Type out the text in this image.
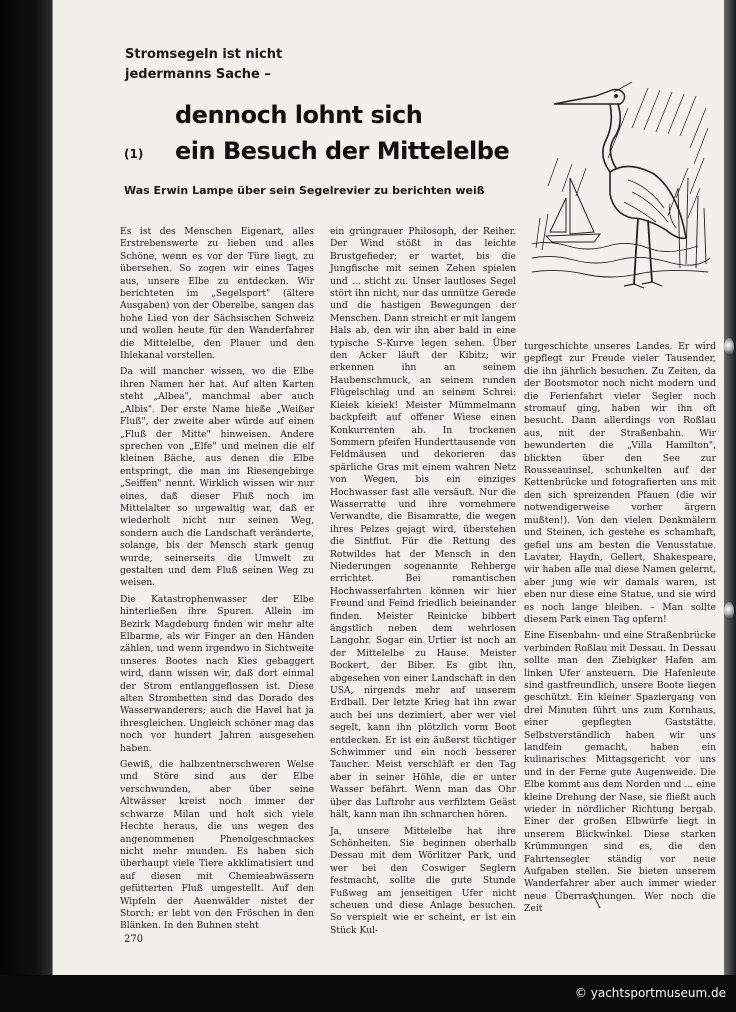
Stromsegeln ist nicht
jedermanns Sache –
dennoch lohnt sich
ein Besuch der Mittelelbe
(1)
Was Erwin Lampe über sein Segelrevier zu berichten weiß

Es ist des Menschen Eigenart, alles Erstrebenswerte zu lieben und alles Schöne, wenn es vor der Türe liegt, zu übersehen. So zogen wir eines Tages aus, unsere Elbe zu entdecken. Wir berichteten im „Segelsport" (ältere Ausgaben) von der Oberelbe, sangen das hohe Lied von der Sächsischen Schweiz und wollen heute für den Wanderfahrer die Mittelelbe, den Plauer und den Ihlekanal vorstellen.

Da will mancher wissen, wo die Elbe ihren Namen her hat. Auf alten Karten steht „Albea", manchmal aber auch „Albis". Der erste Name hieße „Weißer Fluß", der zweite aber würde auf einen „Fluß der Mitte" hinweisen. Andere sprechen von „Elfe" und meinen die elf kleinen Bäche, aus denen die Elbe entspringt, die man im Riesengebirge „Seiffen" nennt. Wirklich wissen wir nur eines, daß dieser Fluß noch im Mittelalter so urgewaltig war, daß er wiederholt nicht nur seinen Weg, sondern auch die Landschaft veränderte, solange, bis der Mensch stark genug wurde, seinerseits die Umwelt zu gestalten und dem Fluß seinen Weg zu weisen.

Die Katastrophenwasser der Elbe hinterließen ihre Spuren. Allein im Bezirk Magdeburg finden wir mehr alte Elbarme, als wir Finger an den Händen zählen, und wenn irgendwo in Sichtweite unseres Bootes nach Kies gebaggert wird, dann wissen wir, daß dort einmal der Strom entlanggeflossen ist. Diese alten Strombetten sind das Dorado des Wasserwanderers; auch die Havel hat ja ihresgleichen. Ungleich schöner mag das noch vor hundert Jahren ausgesehen haben.

Gewiß, die halbzentnerschweren Welse und Störe sind aus der Elbe verschwunden, aber über seine Altwässer kreist noch immer der schwarze Milan und holt sich viele Hechte heraus, die uns wegen des angenommenen Phenolgeschmackes nicht mehr munden. Es haben sich überhaupt viele Tiere akklimatisiert und auf diesen mit Chemieabwässern gefütterten Fluß umgestellt. Auf den Wipfeln der Auenwälder nistet der Storch; er lebt von den Fröschen in den Blänken. In den Buhnen steht

ein grüngrauer Philosoph, der Reiher. Der Wind stößt in das leichte Brustgefieder; er wartet, bis die Jungfische mit seinen Zehen spielen und ... sticht zu. Unser lautloses Segel stört ihn nicht, nur das unnütze Gerede und die hastigen Bewegungen der Menschen. Dann streicht er mit langem Hals ab, den wir ihn aber bald in eine typische S-Kurve legen sehen. Über den Acker läuft der Kibitz; wir erkennen ihn an seinem Haubenschmuck, an seinem runden Flügelschlag und an seinem Schrei: Kieiek kieiek! Meister Mümmelmann backpfeift auf offener Wiese einen Konkurrenten ab. In trockenen Sommern pfeifen Hunderttausende von Feldmäusen und dekorieren das spärliche Gras mit einem wahren Netz von Wegen, bis ein einziges Hochwasser fast alle versäuft. Nur die Wasserratte und ihre vornehmere Verwandte, die Bisamratte, die wegen ihres Pelzes gejagt wird, überstehen die Sintflut. Für die Rettung des Rotwildes hat der Mensch in den Niederungen sogenannte Rehberge errichtet. Bei romantischen Hochwasserfahrten können wir hier Freund und Feind friedlich beieinander finden. Meister Reinicke bibbert ängstlich neben dem wehrlosen Langohr. Sogar ein Urtier ist noch an der Mittelelbe zu Hause. Meister Bockert, der Biber. Es gibt ihn, abgesehen von einer Landschaft in den USA, nirgends mehr auf unserem Erdball. Der letzte Krieg hat ihn zwar auch bei uns dezimiert, aber wer viel segelt, kann ihn plötzlich vorm Boot entdecken. Er ist ein äußerst tüchtiger Schwimmer und ein noch besserer Taucher. Meist verschläft er den Tag aber in seiner Höhle, die er unter Wasser befährt. Wenn man das Ohr über das Luftrohr aus verfilztem Geäst hält, kann man ihn schnarchen hören.

Ja, unsere Mittelelbe hat ihre Schönheiten. Sie beginnen oberhalb Dessau mit dem Wörlitzer Park, und wer bei den Coswiger Seglern festmacht, sollte die gute Stunde Fußweg am jenseitigen Ufer nicht scheuen und diese Anlage besuchen. So verspielt wie er scheint, er ist ein Stück Kul-

turgeschichte unseres Landes. Er wird gepflegt zur Freude vieler Tausender, die ihn jährlich besuchen. Zu Zeiten, da der Bootsmotor noch nicht modern und die Ferienfahrt vieler Segler noch stromauf ging, haben wir ihn oft besucht. Dann allerdings von Roßlau aus, mit der Straßenbahn. Wir bewunderten die „Villa Hamilton", blickten über den See zur Rousseauinsel, schunkelten auf der Kettenbrücke und fotografierten uns mit den sich spreizenden Pfauen (die wir notwendigerweise vorher ärgern mußten!). Von den vielen Denkmälern und Steinen, ich gestehe es schamhaft, gefiel uns am besten die Venusstatue. Lavater, Haydn, Gellert, Shakespeare, wir haben alle mal diese Namen gelernt, aber jung wie wir damals waren, ist eben nur diese eine Statue, und sie wird es noch lange bleiben. – Man sollte diesem Park einen Tag opfern!

Eine Eisenbahn- und eine Straßenbrücke verbinden Roßlau mit Dessau. In Dessau sollte man den Ziebigker Hafen am linken Ufer ansteuern. Die Hafenleute sind gastfreundlich, unsere Boote liegen geschützt. Ein kleiner Spaziergang von drei Minuten führt uns zum Kornhaus, einer gepflegten Gaststätte. Selbstverständlich haben wir uns landfein gemacht, haben ein kulinarisches Mittagsgericht vor uns und in der Ferne gute Augenweide. Die Elbe kommt aus dem Norden und ... eine kleine Drehung der Nase, sie fließt auch wieder in nördlicher Richtung bergab. Einer der großen Elbwürfe liegt in unserem Blickwinkel. Diese starken Krümmungen sind es, die den Fahrtensegler ständig vor neue Aufgaben stellen. Sie bieten unserem Wanderfahrer aber auch immer wieder neue Überraschungen. Wer noch die Zeit

270
© yachtsportmuseum.de
